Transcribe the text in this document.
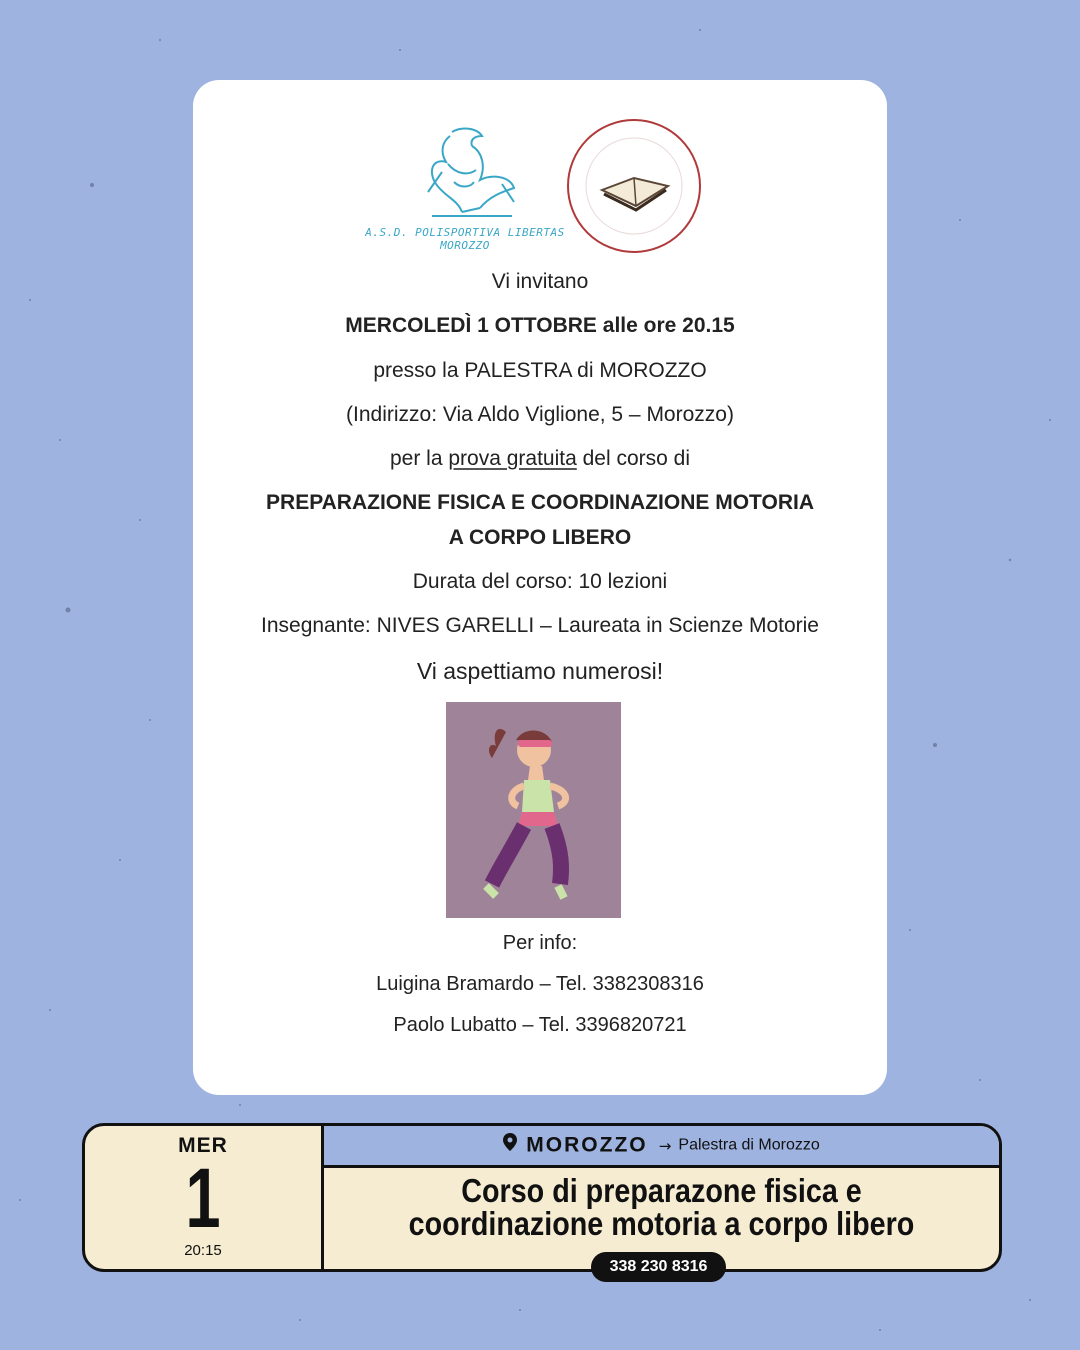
A.S.D. POLISPORTIVA LIBERTAS
MOROZZO
Vi invitano
MERCOLEDÌ 1 OTTOBRE alle ore 20.15
presso la PALESTRA di MOROZZO
(Indirizzo: Via Aldo Viglione, 5 – Morozzo)
per la prova gratuita del corso di
PREPARAZIONE FISICA E COORDINAZIONE MOTORIA
A CORPO LIBERO
Durata del corso: 10 lezioni
Insegnante: NIVES GARELLI – Laureata in Scienze Motorie
Vi aspettiamo numerosi!
Per info:
Luigina Bramardo – Tel. 3382308316
Paolo Lubatto – Tel. 3396820721
MER
1
20:15
MOROZZO → Palestra di Morozzo
Corso di preparazone fisica e
coordinazione motoria a corpo libero
338 230 8316
